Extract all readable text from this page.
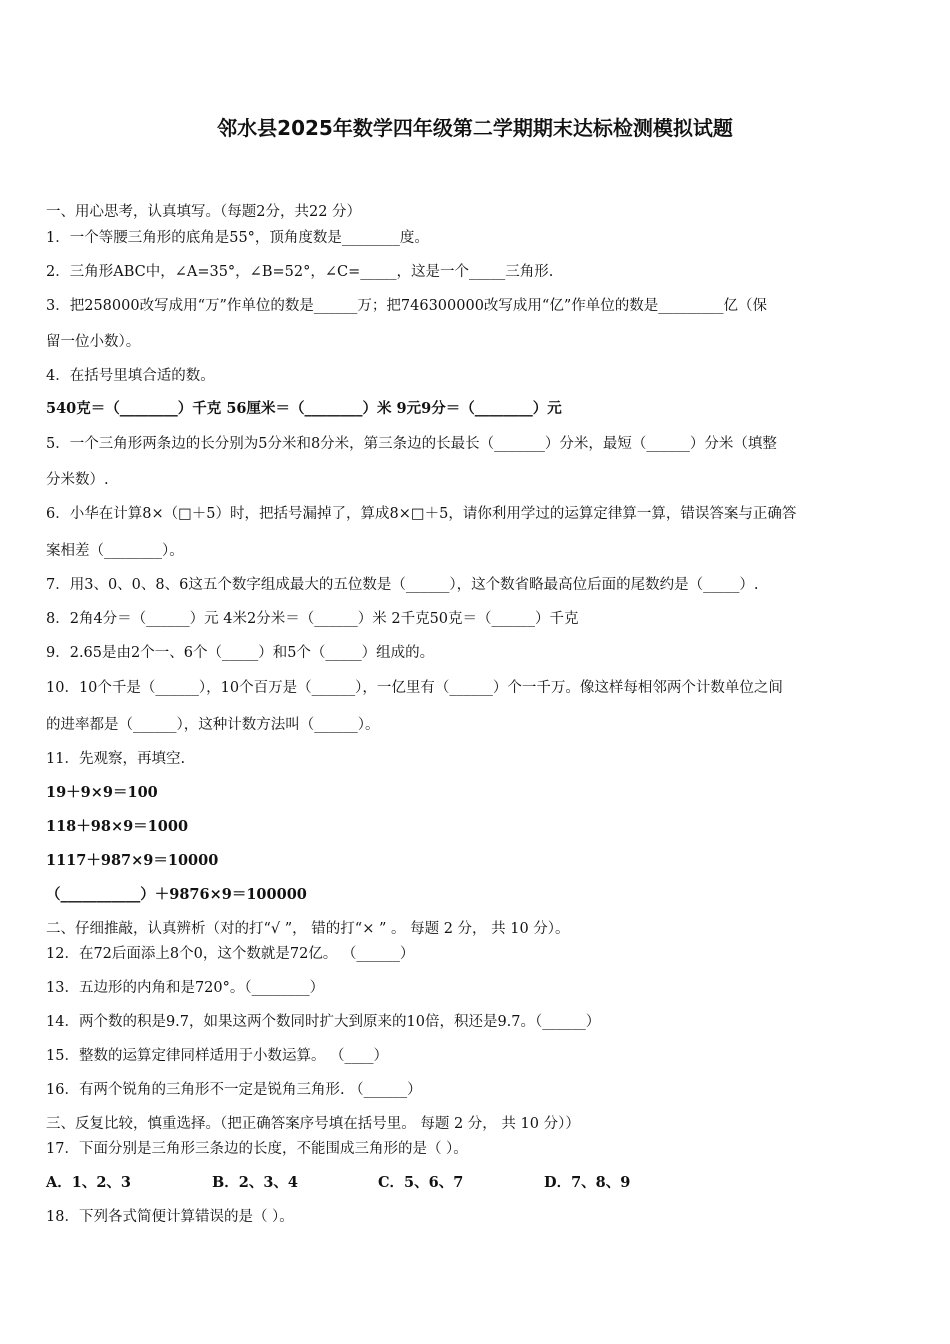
邻水县2025年数学四年级第二学期期末达标检测模拟试题
一、用心思考，认真填写。（每题2分，共22 分）
1．一个等腰三角形的底角是55°，顶角度数是________度。
2．三角形ABC中，∠A=35°，∠B=52°，∠C=_____，这是一个_____三角形.
3．把258000改写成用“万”作单位的数是______万；把746300000改写成用“亿”作单位的数是_________亿（保
留一位小数）。
4．在括号里填合适的数。
540克＝（________）千克 56厘米＝（________）米 9元9分＝（________）元
5．一个三角形两条边的长分别为5分米和8分米，第三条边的长最长（_______）分米，最短（______）分米（填整
分米数）.
6．小华在计算8×（□＋5）时，把括号漏掉了，算成8×□＋5，请你利用学过的运算定律算一算，错误答案与正确答
案相差（________）。
7．用3、0、0、8、6这五个数字组成最大的五位数是（______），这个数省略最高位后面的尾数约是（_____）.
8．2角4分＝（______）元 4米2分米＝（______）米 2千克50克＝（______）千克
9．2.65是由2个一、6个（_____）和5个（_____）组成的。
10．10个千是（______），10个百万是（______），一亿里有（______）个一千万。像这样每相邻两个计数单位之间
的进率都是（______），这种计数方法叫（______）。
11．先观察，再填空.
19＋9×9＝100
118＋98×9＝1000
1117＋987×9＝10000
（___________）＋9876×9＝100000
二、仔细推敲，认真辨析（对的打“√ ”， 错的打“× ” 。 每题 2 分， 共 10 分）。
12．在72后面添上8个0，这个数就是72亿。 （______）
13．五边形的内角和是720°。（________）
14．两个数的积是9.7，如果这两个数同时扩大到原来的10倍，积还是9.7。（______）
15．整数的运算定律同样适用于小数运算。 （____）
16．有两个锐角的三角形不一定是锐角三角形. （______）
三、反复比较，慎重选择。（把正确答案序号填在括号里。 每题 2 分， 共 10 分））
17．下面分别是三角形三条边的长度，不能围成三角形的是（ ）。
A．1、2、3	B．2、3、4	C．5、6、7	D．7、8、9
18．下列各式简便计算错误的是（ ）。
